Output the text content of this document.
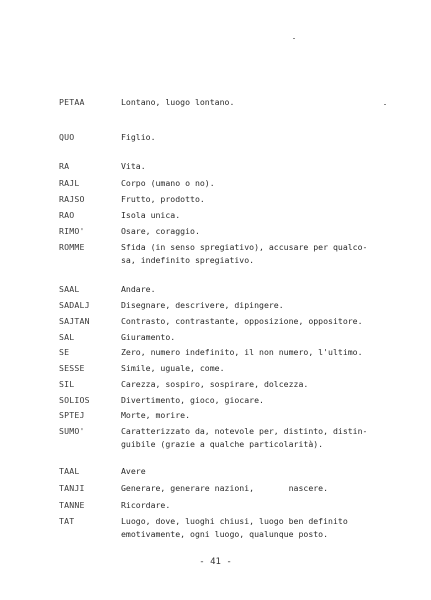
PETAA	Lontano, luogo lontano.
QUO	Figlio.
RA	Vita.
RAJL	Corpo (umano o no).
RAJSO	Frutto, prodotto.
RAO	Isola unica.
RIMO'	Osare, coraggio.
ROMME	Sfida (in senso spregiativo), accusare per qualco-
sa, indefinito spregiativo.
SAAL	Andare.
SADALJ	Disegnare, descrivere, dipingere.
SAJTAN	Contrasto, contrastante, opposizione, oppositore.
SAL	Giuramento.
SE	Zero, numero indefinito, il non numero, l'ultimo.
SESSE	Simile, uguale, come.
SIL	Carezza, sospiro, sospirare, dolcezza.
SOLIOS	Divertimento, gioco, giocare.
SPTEJ	Morte, morire.
SUMO'	Caratterizzato da, notevole per, distinto, distin-
guibile (grazie a qualche particolarità).
TAAL	Avere
TANJI	Generare, generare nazioni,       nascere.
TANNE	Ricordare.
TAT	Luogo, dove, luoghi chiusi, luogo ben definito
emotivamente, ogni luogo, qualunque posto.
- 41 -
